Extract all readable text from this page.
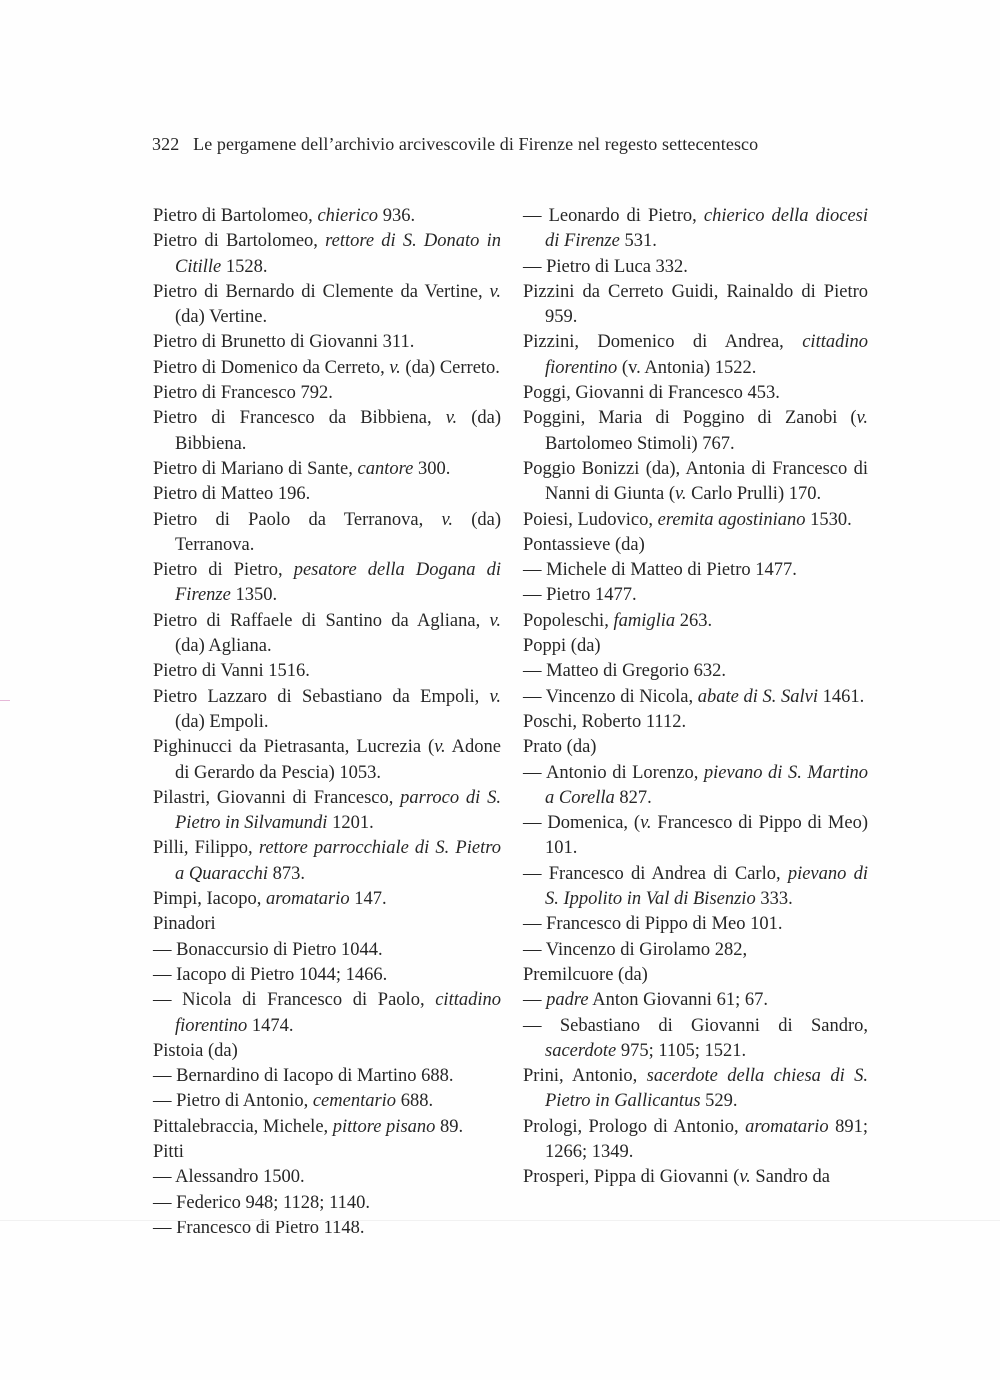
322 Le pergamene dell’archivio arcivescovile di Firenze nel regesto settecentesco
Pietro di Bartolomeo, chierico 936.
Pietro di Bartolomeo, rettore di S. Donato in Citille 1528.
Pietro di Bernardo di Clemente da Vertine, v. (da) Vertine.
Pietro di Brunetto di Giovanni 311.
Pietro di Domenico da Cerreto, v. (da) Cerreto.
Pietro di Francesco 792.
Pietro di Francesco da Bibbiena, v. (da) Bibbiena.
Pietro di Mariano di Sante, cantore 300.
Pietro di Matteo 196.
Pietro di Paolo da Terranova, v. (da) Terranova.
Pietro di Pietro, pesatore della Dogana di Firenze 1350.
Pietro di Raffaele di Santino da Agliana, v. (da) Agliana.
Pietro di Vanni 1516.
Pietro Lazzaro di Sebastiano da Empoli, v. (da) Empoli.
Pighinucci da Pietrasanta, Lucrezia (v. Adone di Gerardo da Pescia) 1053.
Pilastri, Giovanni di Francesco, parroco di S. Pietro in Silvamundi 1201.
Pilli, Filippo, rettore parrocchiale di S. Pietro a Quaracchi 873.
Pimpi, Iacopo, aromatario 147.
Pinadori
— Bonaccursio di Pietro 1044.
— Iacopo di Pietro 1044; 1466.
— Nicola di Francesco di Paolo, cittadino fiorentino 1474.
Pistoia (da)
— Bernardino di Iacopo di Martino 688.
— Pietro di Antonio, cementario 688.
Pittalebraccia, Michele, pittore pisano 89.
Pitti
— Alessandro 1500.
— Federico 948; 1128; 1140.
— Francesco di Pietro 1148.
— Leonardo di Pietro, chierico della diocesi di Firenze 531.
— Pietro di Luca 332.
Pizzini da Cerreto Guidi, Rainaldo di Pietro 959.
Pizzini, Domenico di Andrea, cittadino fiorentino (v. Antonia) 1522.
Poggi, Giovanni di Francesco 453.
Poggini, Maria di Poggino di Zanobi (v. Bartolomeo Stimoli) 767.
Poggio Bonizzi (da), Antonia di Francesco di Nanni di Giunta (v. Carlo Prulli) 170.
Poiesi, Ludovico, eremita agostiniano 1530.
Pontassieve (da)
— Michele di Matteo di Pietro 1477.
— Pietro 1477.
Popoleschi, famiglia 263.
Poppi (da)
— Matteo di Gregorio 632.
— Vincenzo di Nicola, abate di S. Salvi 1461.
Poschi, Roberto 1112.
Prato (da)
— Antonio di Lorenzo, pievano di S. Martino a Corella 827.
— Domenica, (v. Francesco di Pippo di Meo) 101.
— Francesco di Andrea di Carlo, pievano di S. Ippolito in Val di Bisenzio 333.
— Francesco di Pippo di Meo 101.
— Vincenzo di Girolamo 282,
Premilcuore (da)
— padre Anton Giovanni 61; 67.
— Sebastiano di Giovanni di Sandro, sacerdote 975; 1105; 1521.
Prini, Antonio, sacerdote della chiesa di S. Pietro in Gallicantus 529.
Prologi, Prologo di Antonio, aromatario 891; 1266; 1349.
Prosperi, Pippa di Giovanni (v. Sandro da
